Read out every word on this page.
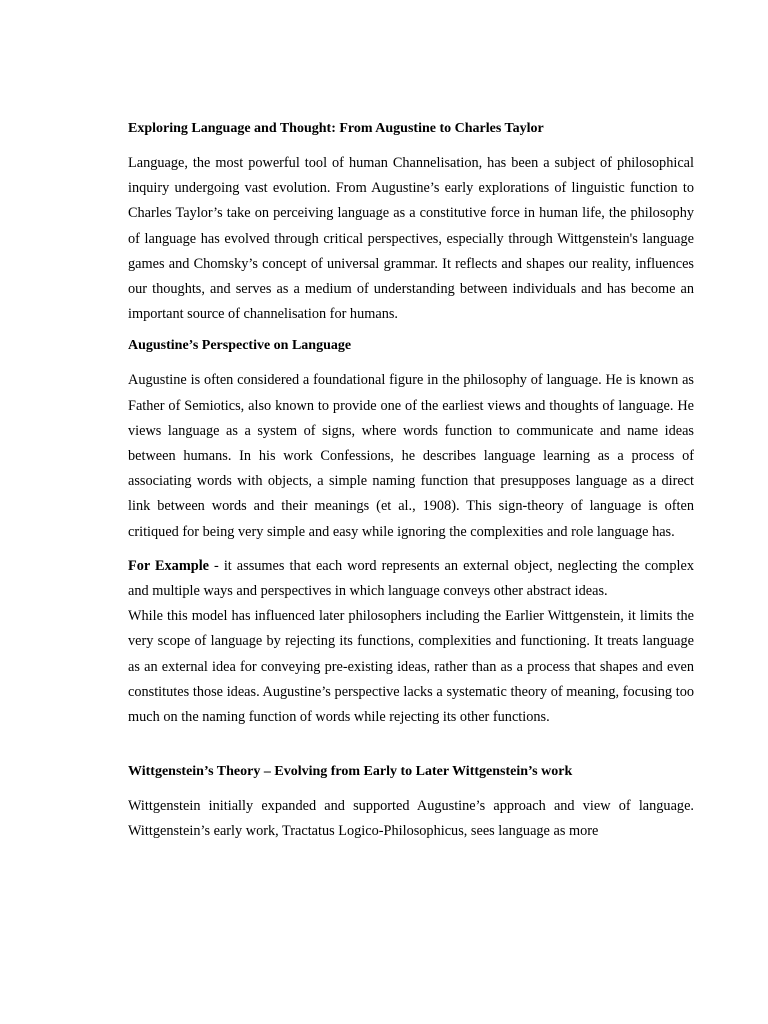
Exploring Language and Thought: From Augustine to Charles Taylor
Language, the most powerful tool of human Channelisation, has been a subject of philosophical inquiry undergoing vast evolution. From Augustine’s early explorations of linguistic function to Charles Taylor’s take on perceiving language as a constitutive force in human life, the philosophy of language has evolved through critical perspectives, especially through Wittgenstein's language games and Chomsky’s concept of universal grammar. It reflects and shapes our reality, influences our thoughts, and serves as a medium of understanding between individuals and has become an important source of channelisation for humans.
Augustine’s Perspective on Language
Augustine is often considered a foundational figure in the philosophy of language. He is known as Father of Semiotics, also known to provide one of the earliest views and thoughts of language. He views language as a system of signs, where words function to communicate and name ideas between humans. In his work Confessions, he describes language learning as a process of associating words with objects, a simple naming function that presupposes language as a direct link between words and their meanings (et al., 1908). This sign-theory of language is often critiqued for being very simple and easy while ignoring the complexities and role language has.
For Example - it assumes that each word represents an external object, neglecting the complex and multiple ways and perspectives in which language conveys other abstract ideas.
While this model has influenced later philosophers including the Earlier Wittgenstein, it limits the very scope of language by rejecting its functions, complexities and functioning. It treats language as an external idea for conveying pre-existing ideas, rather than as a process that shapes and even constitutes those ideas. Augustine’s perspective lacks a systematic theory of meaning, focusing too much on the naming function of words while rejecting its other functions.
Wittgenstein’s Theory – Evolving from Early to Later Wittgenstein’s work
Wittgenstein initially expanded and supported Augustine’s approach and view of language. Wittgenstein’s early work, Tractatus Logico-Philosophicus, sees language as more
